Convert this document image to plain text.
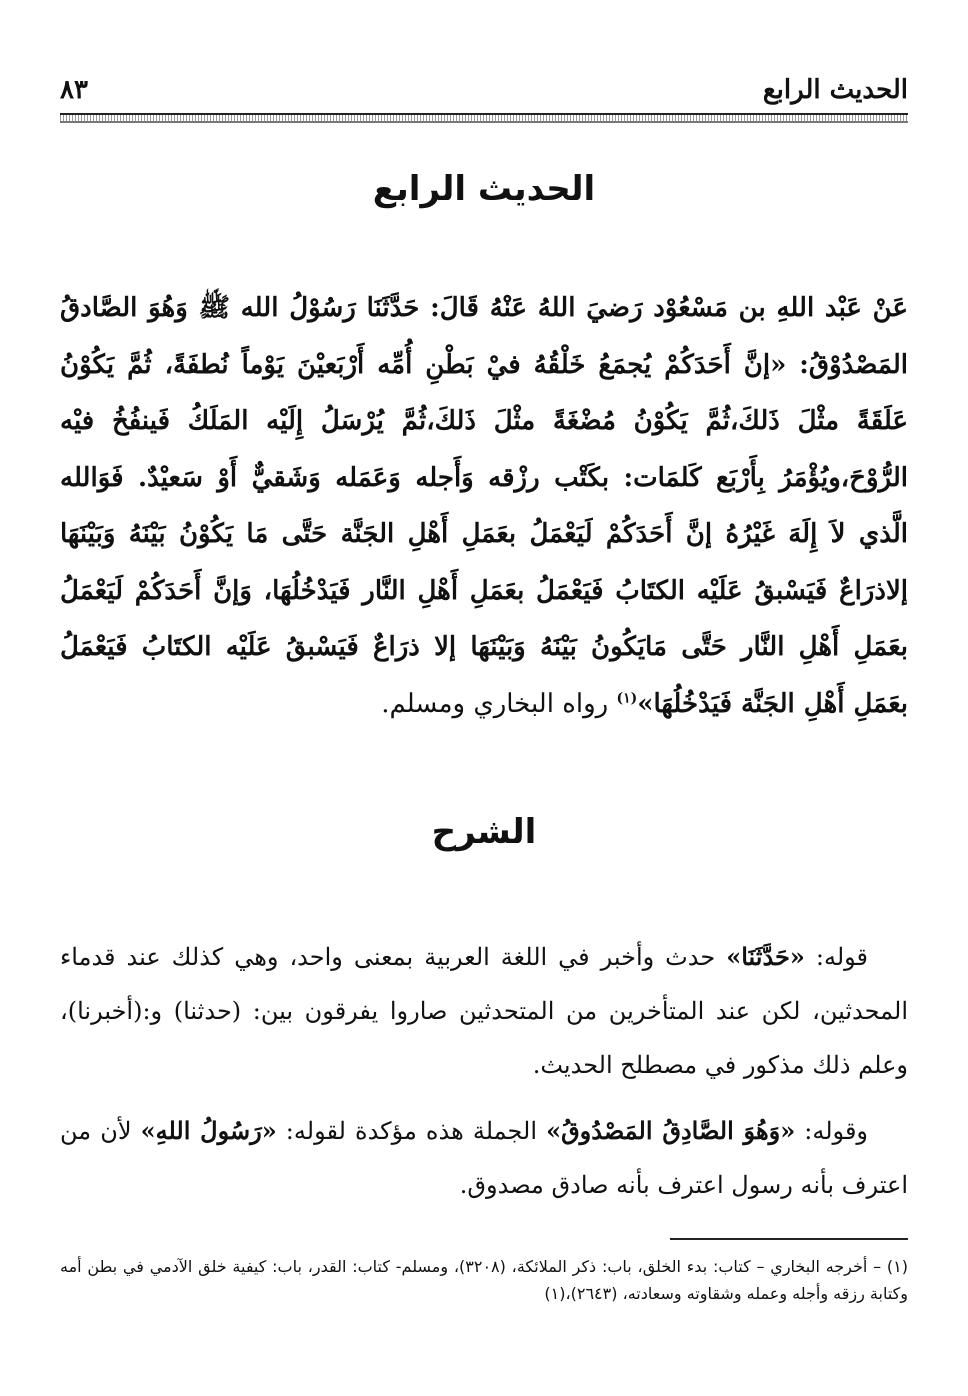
الحديث الرابع
٨٣
الحديث الرابع
عَنْ عَبْد اللهِ بن مَسْعُوْد رَضيَ اللهُ عَنْهُ قَالَ: حَدَّثَنَا رَسُوْلُ الله ﷺ وَهُوَ الصَّادقُ المَصْدُوْقُ: «إنَّ أَحَدَكُمْ يُجمَعُ خَلْقُهُ فيْ بَطْنِ أُمِّه أَرْبَعيْنَ يَوْماً نُطفَةً، ثُمَّ يَكُوْنُ عَلَقَةً مثْلَ ذَلكَ،ثُمَّ يَكُوْنُ مُضْغَةً مثْلَ ذَلكَ،ثُمَّ يُرْسَلُ إِلَيْه المَلَكُ فَينفُخُ فيْه الرُّوْحَ،ويُؤْمَرُ بِأَرْبَع كَلمَات: بكَتْب رزْقه وَأَجله وَعَمَله وَشَقيٌّ أَوْ سَعيْدٌ. فَوَالله الَّذي لاَ إِلَهَ غَيْرُهُ إنَّ أَحَدَكُمْ لَيَعْمَلُ بعَمَلِ أَهْلِ الجَنَّة حَتَّى مَا يَكُوْنُ بَيْنَهُ وَبَيْنَهَا إلاذرَاعٌ فَيَسْبقُ عَلَيْه الكتَابُ فَيَعْمَلُ بعَمَلِ أَهْلِ النَّار فَيَدْخُلُهَا، وَإنَّ أَحَدَكُمْ لَيَعْمَلُ بعَمَلِ أَهْلِ النَّار حَتَّى مَايَكُونُ بَيْنَهُ وَبَيْنَهَا إلا ذرَاعٌ فَيَسْبقُ عَلَيْه الكتَابُ فَيَعْمَلُ بعَمَلِ أَهْلِ الجَنَّة فَيَدْخُلُهَا»$^{(١)}$ رواه البخاري ومسلم.
الشرح

قوله: «حَدَّثَنَا» حدث وأخبر في اللغة العربية بمعنى واحد، وهي كذلك عند قدماء المحدثين، لكن عند المتأخرين من المتحدثين صاروا يفرقون بين: (حدثنا) و:(أخبرنا)، وعلم ذلك مذكور في مصطلح الحديث.

وقوله: «وَهُوَ الصَّادِقُ المَصْدُوقُ» الجملة هذه مؤكدة لقوله: «رَسُولُ اللهِ» لأن من اعترف بأنه رسول اعترف بأنه صادق مصدوق.

(١) – أخرجه البخاري – كتاب: بدء الخلق، باب: ذكر الملائكة، (٣٢٠٨)، ومسلم- كتاب: القدر، باب: كيفية خلق الآدمي في بطن أمه وكتابة رزقه وأجله وعمله وشقاوته وسعادته، (٢٦٤٣)،(١)
